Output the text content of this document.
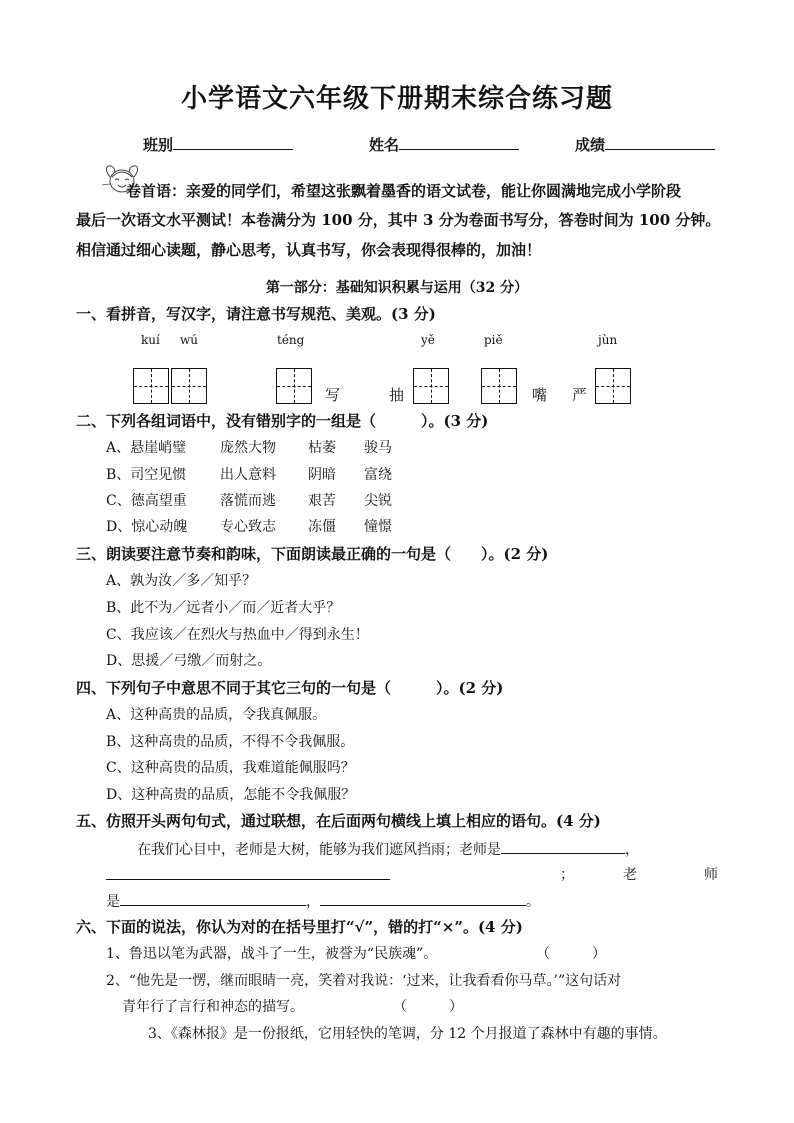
小学语文六年级下册期末综合练习题
班别	姓名	成绩
卷首语：亲爱的同学们，希望这张飘着墨香的语文试卷，能让你圆满地完成小学阶段
最后一次语文水平测试！本卷满分为 100 分，其中 3 分为卷面书写分，答卷时间为 100 分钟。
相信通过细心读题，静心思考，认真书写，你会表现得很棒的，加油！
第一部分：基础知识积累与运用（32 分）
一、看拼音，写汉字，请注意书写规范、美观。(3 分)
kuí wú	téng	yě	piě	jùn
写	抽	嘴 严
二、下列各组词语中，没有错别字的一组是（　　　）。(3 分)
A、悬崖峭璧 庞然大物 枯萎 骏马
B、司空见惯 出人意料 阴暗 富绕
C、德高望重 落慌而逃 艰苦 尖锐
D、惊心动魄 专心致志 冻僵 憧憬
三、朗读要注意节奏和韵味，下面朗读最正确的一句是（　　）。(2 分)
A、孰为汝／多／知乎？
B、此不为／远者小／而／近者大乎？
C、我应该／在烈火与热血中／得到永生！
D、思援／弓缴／而射之。
四、下列句子中意思不同于其它三句的一句是（　　　）。(2 分)
A、这种高贵的品质，令我真佩服。
B、这种高贵的品质，不得不令我佩服。
C、这种高贵的品质，我难道能佩服吗？
D、这种高贵的品质，怎能不令我佩服？
五、仿照开头两句句式，通过联想，在后面两句横线上填上相应的语句。(4 分)
在我们心目中，老师是大树，能够为我们遮风挡雨；老师是	，
；	老	师
是	，	。
六、下面的说法，你认为对的在括号里打“√”，错的打“×”。(4 分)
1、鲁迅以笔为武器，战斗了一生，被誉为“民族魂”。	（　　　）
2、“他先是一愣，继而眼睛一亮，笑着对我说：‘过来，让我看看你马草。’”这句话对
青年行了言行和神态的描写。	（　　　）
3、《森林报》是一份报纸，它用轻快的笔调，分 12 个月报道了森林中有趣的事情。
